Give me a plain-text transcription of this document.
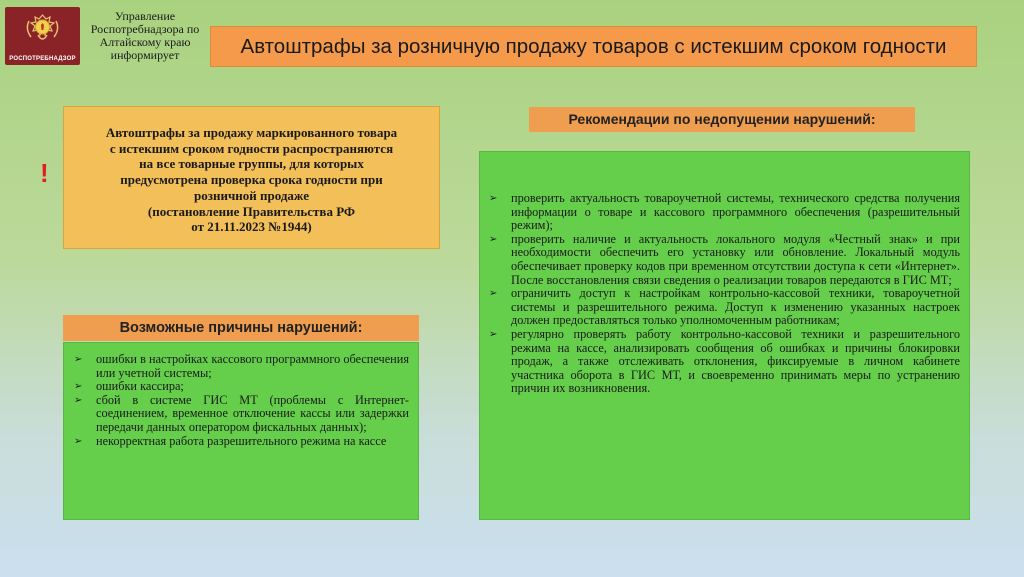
РОСПОТРЕБНАДЗОР
Управление
Роспотребнадзора по
Алтайскому краю
информирует	Автоштрафы за розничную продажу товаров с истекшим сроком годности
!
Автоштрафы за продажу маркированного товара
с истекшим сроком годности распространяются
на все товарные группы, для которых
предусмотрена проверка срока годности при
розничной продаже
(постановление Правительства РФ
от 21.11.2023 №1944)
Возможные причины нарушений:
➢	ошибки в настройках кассового программного обеспечения или учетной системы;
➢	ошибки кассира;
➢	сбой в системе ГИС МТ (проблемы с Интернет-соединением, временное отключение кассы или задержки передачи данных оператором фискальных данных);
➢	некорректная работа разрешительного режима на кассе
Рекомендации по недопущении нарушений:
➢	проверить актуальность товароучетной системы, технического средства получения информации о товаре и кассового программного обеспечения (разрешительный режим);
➢	проверить наличие и актуальность локального модуля «Честный знак» и при необходимости обеспечить его установку или обновление. Локальный модуль обеспечивает проверку кодов при временном отсутствии доступа к сети «Интернет». После восстановления связи сведения о реализации товаров передаются в ГИС МТ;
➢	ограничить доступ к настройкам контрольно-кассовой техники, товароучетной системы и разрешительного режима. Доступ к изменению указанных настроек должен предоставляться только уполномоченным работникам;
➢	регулярно проверять работу контрольно-кассовой техники и разрешительного режима на кассе, анализировать сообщения об ошибках и причины блокировки продаж, а также отслеживать отклонения, фиксируемые в личном кабинете участника оборота в ГИС МТ, и своевременно принимать меры по устранению причин их возникновения.
